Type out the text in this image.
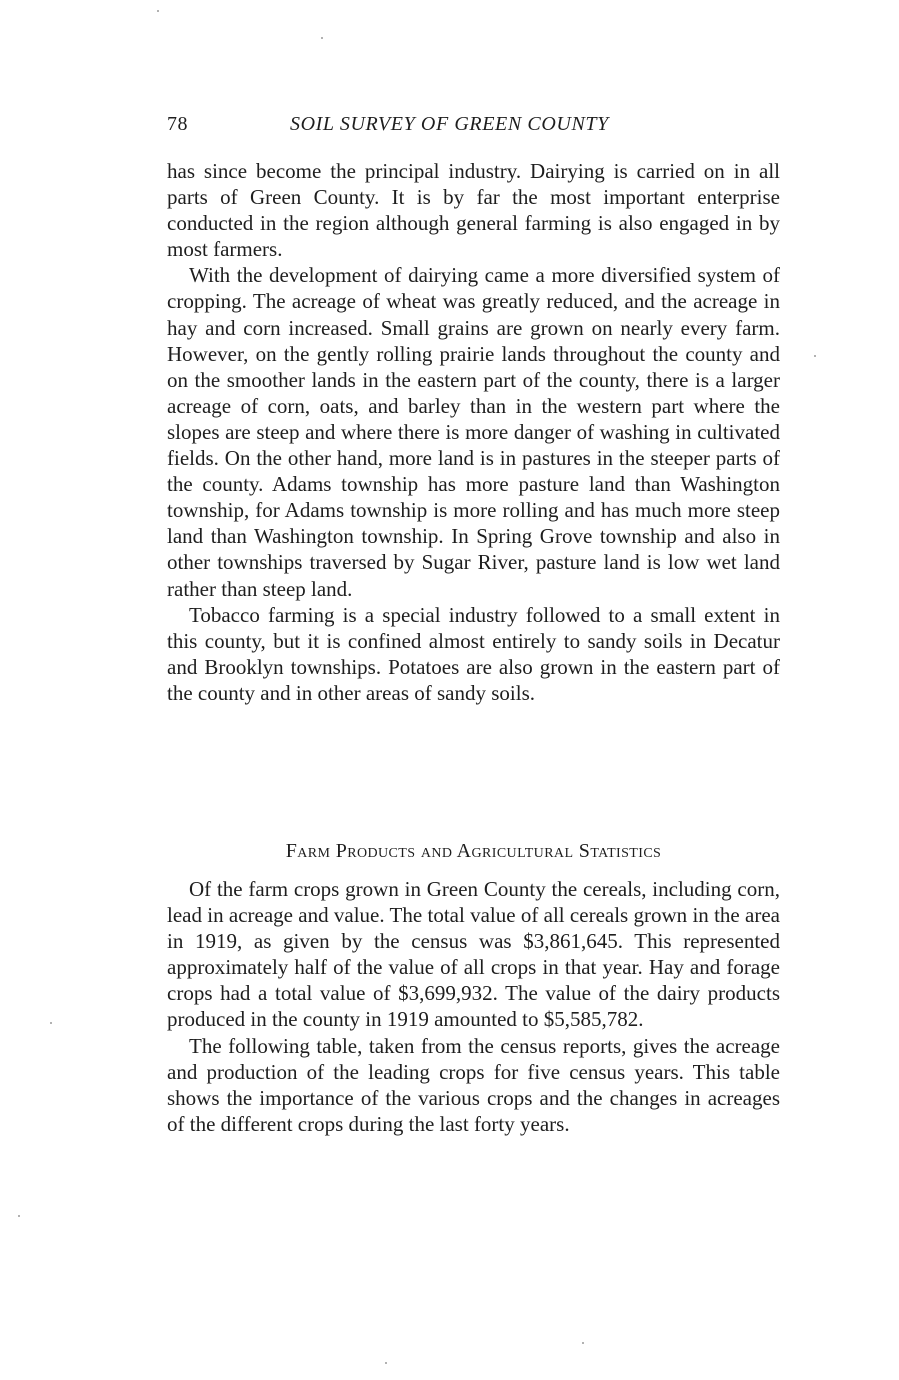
78	SOIL SURVEY OF GREEN COUNTY

has since become the principal industry. Dairying is carried on in all parts of Green County. It is by far the most important enterprise conducted in the region although general farming is also engaged in by most farmers.

With the development of dairying came a more diversified system of cropping. The acreage of wheat was greatly reduced, and the acreage in hay and corn increased. Small grains are grown on nearly every farm. However, on the gently rolling prairie lands throughout the county and on the smoother lands in the eastern part of the county, there is a larger acreage of corn, oats, and barley than in the western part where the slopes are steep and where there is more danger of washing in cultivated fields. On the other hand, more land is in pastures in the steeper parts of the county. Adams township has more pasture land than Washington township, for Adams township is more rolling and has much more steep land than Washington township. In Spring Grove township and also in other townships traversed by Sugar River, pasture land is low wet land rather than steep land.

Tobacco farming is a special industry followed to a small extent in this county, but it is confined almost entirely to sandy soils in Decatur and Brooklyn townships. Potatoes are also grown in the eastern part of the county and in other areas of sandy soils.

Farm Products and Agricultural Statistics

Of the farm crops grown in Green County the cereals, including corn, lead in acreage and value. The total value of all cereals grown in the area in 1919, as given by the census was $3,861,645. This represented approximately half of the value of all crops in that year. Hay and forage crops had a total value of $3,699,932. The value of the dairy products produced in the county in 1919 amounted to $5,585,782.

The following table, taken from the census reports, gives the acreage and production of the leading crops for five census years. This table shows the importance of the various crops and the changes in acreages of the different crops during the last forty years.
